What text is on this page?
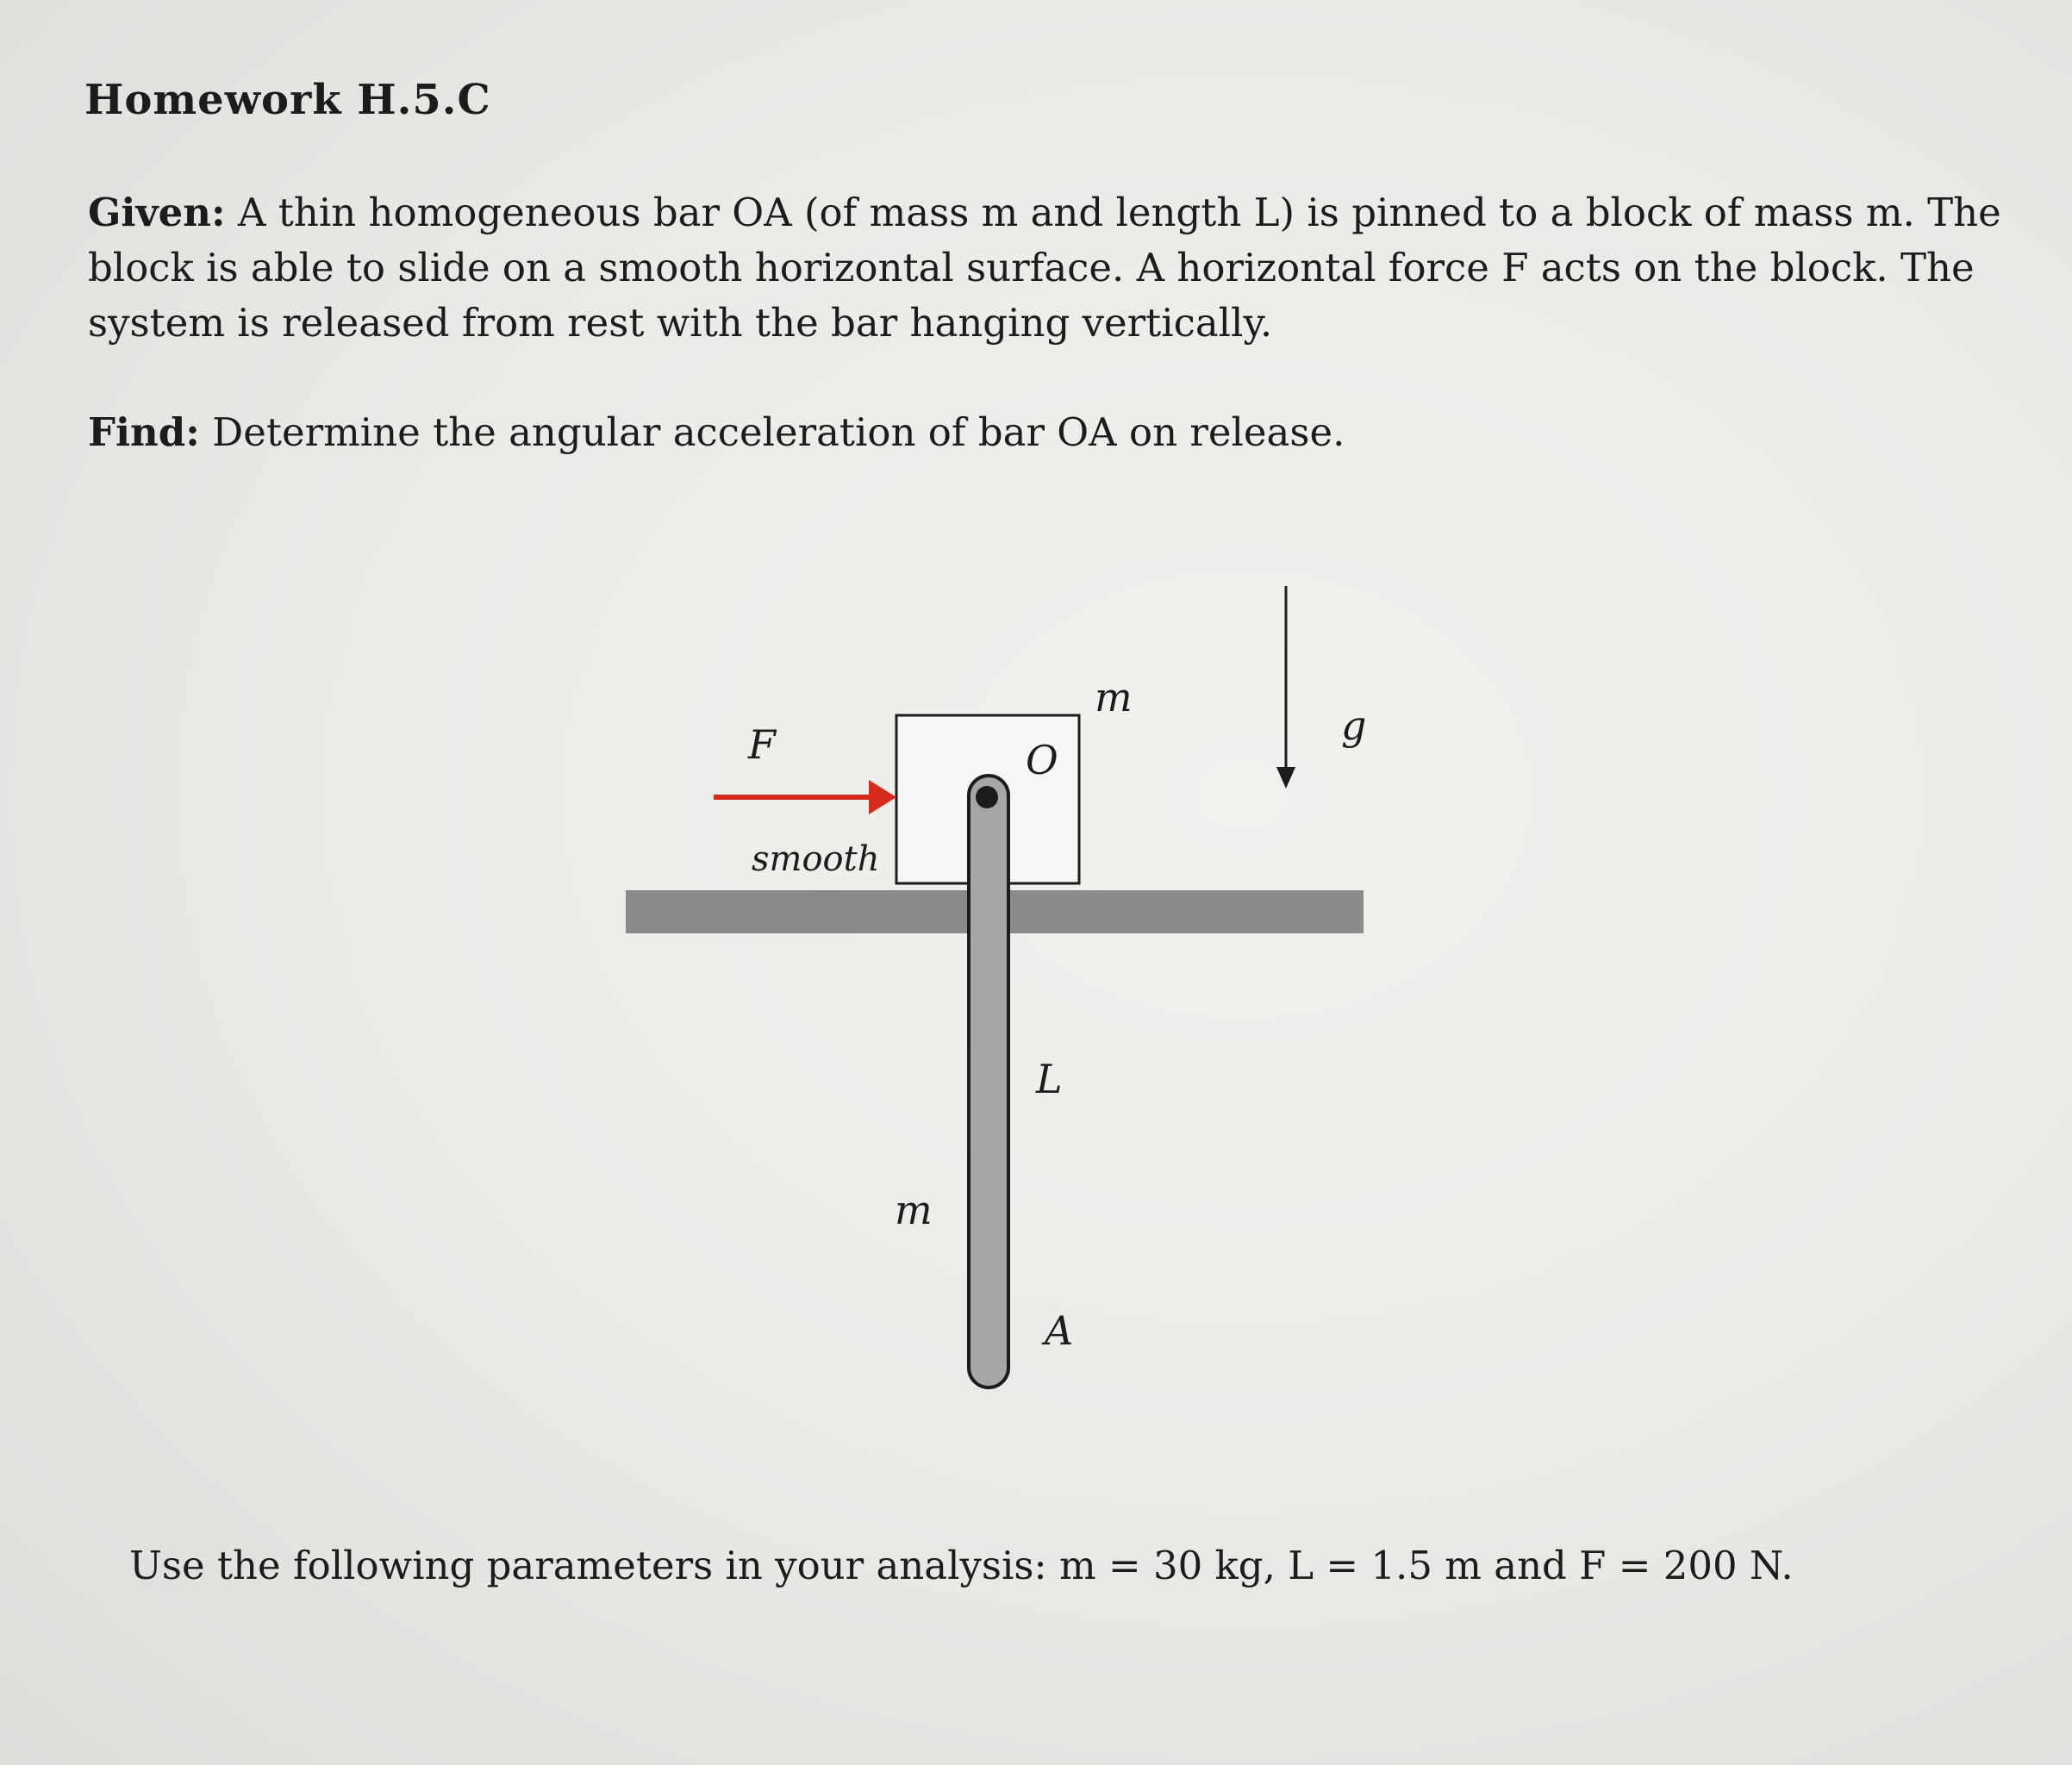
Homework H.5.C

Given: A thin homogeneous bar OA (of mass m and length L) is pinned to a block of mass m. The block is able to slide on a smooth horizontal surface. A horizontal force F acts on the block. The system is released from rest with the bar hanging vertically.

Find: Determine the angular acceleration of bar OA on release.

F
smooth
m
O
g
L
m
A

Use the following parameters in your analysis: m = 30 kg, L = 1.5 m and F = 200 N.
